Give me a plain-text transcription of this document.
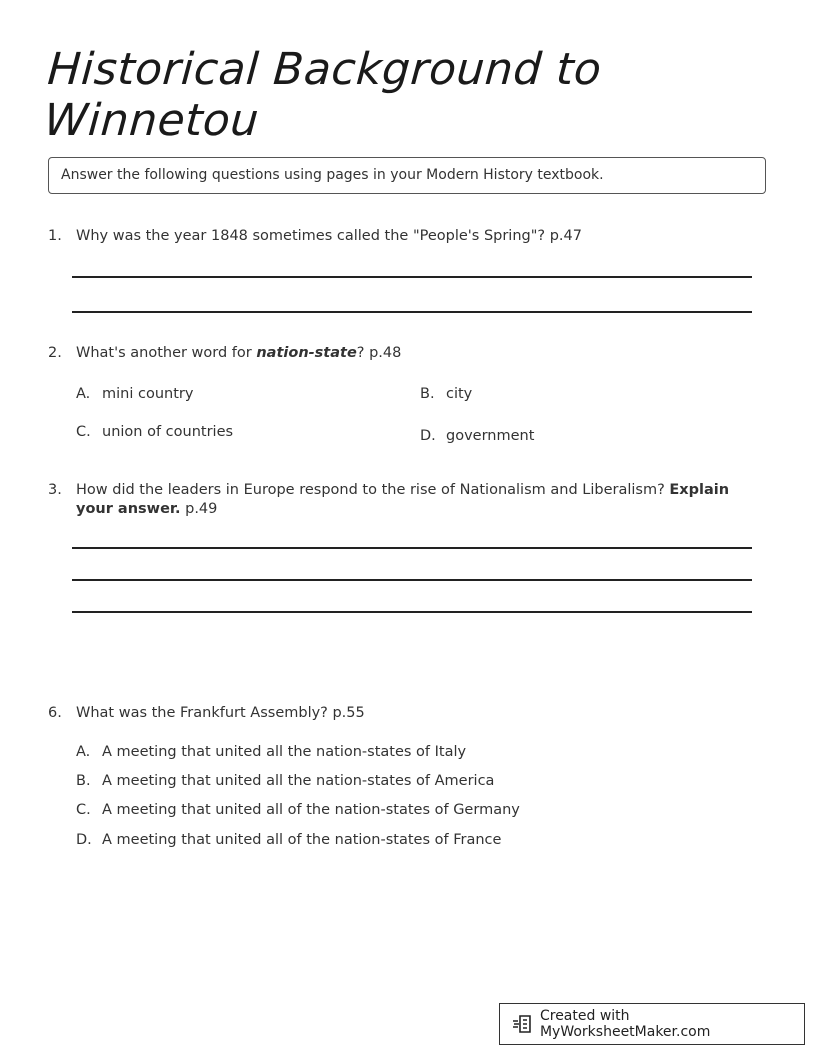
Historical Background to Winnetou
Answer the following questions using pages in your Modern History textbook.
1. Why was the year 1848 sometimes called the "People's Spring"? p.47
2. What's another word for nation-state? p.48
A. mini country	B. city
C. union of countries	D. government
3. How did the leaders in Europe respond to the rise of Nationalism and Liberalism? Explain your answer. p.49
6. What was the Frankfurt Assembly? p.55
A. A meeting that united all the nation-states of Italy
B. A meeting that united all the nation-states of America
C. A meeting that united all of the nation-states of Germany
D. A meeting that united all of the nation-states of France
Created with MyWorksheetMaker.com
